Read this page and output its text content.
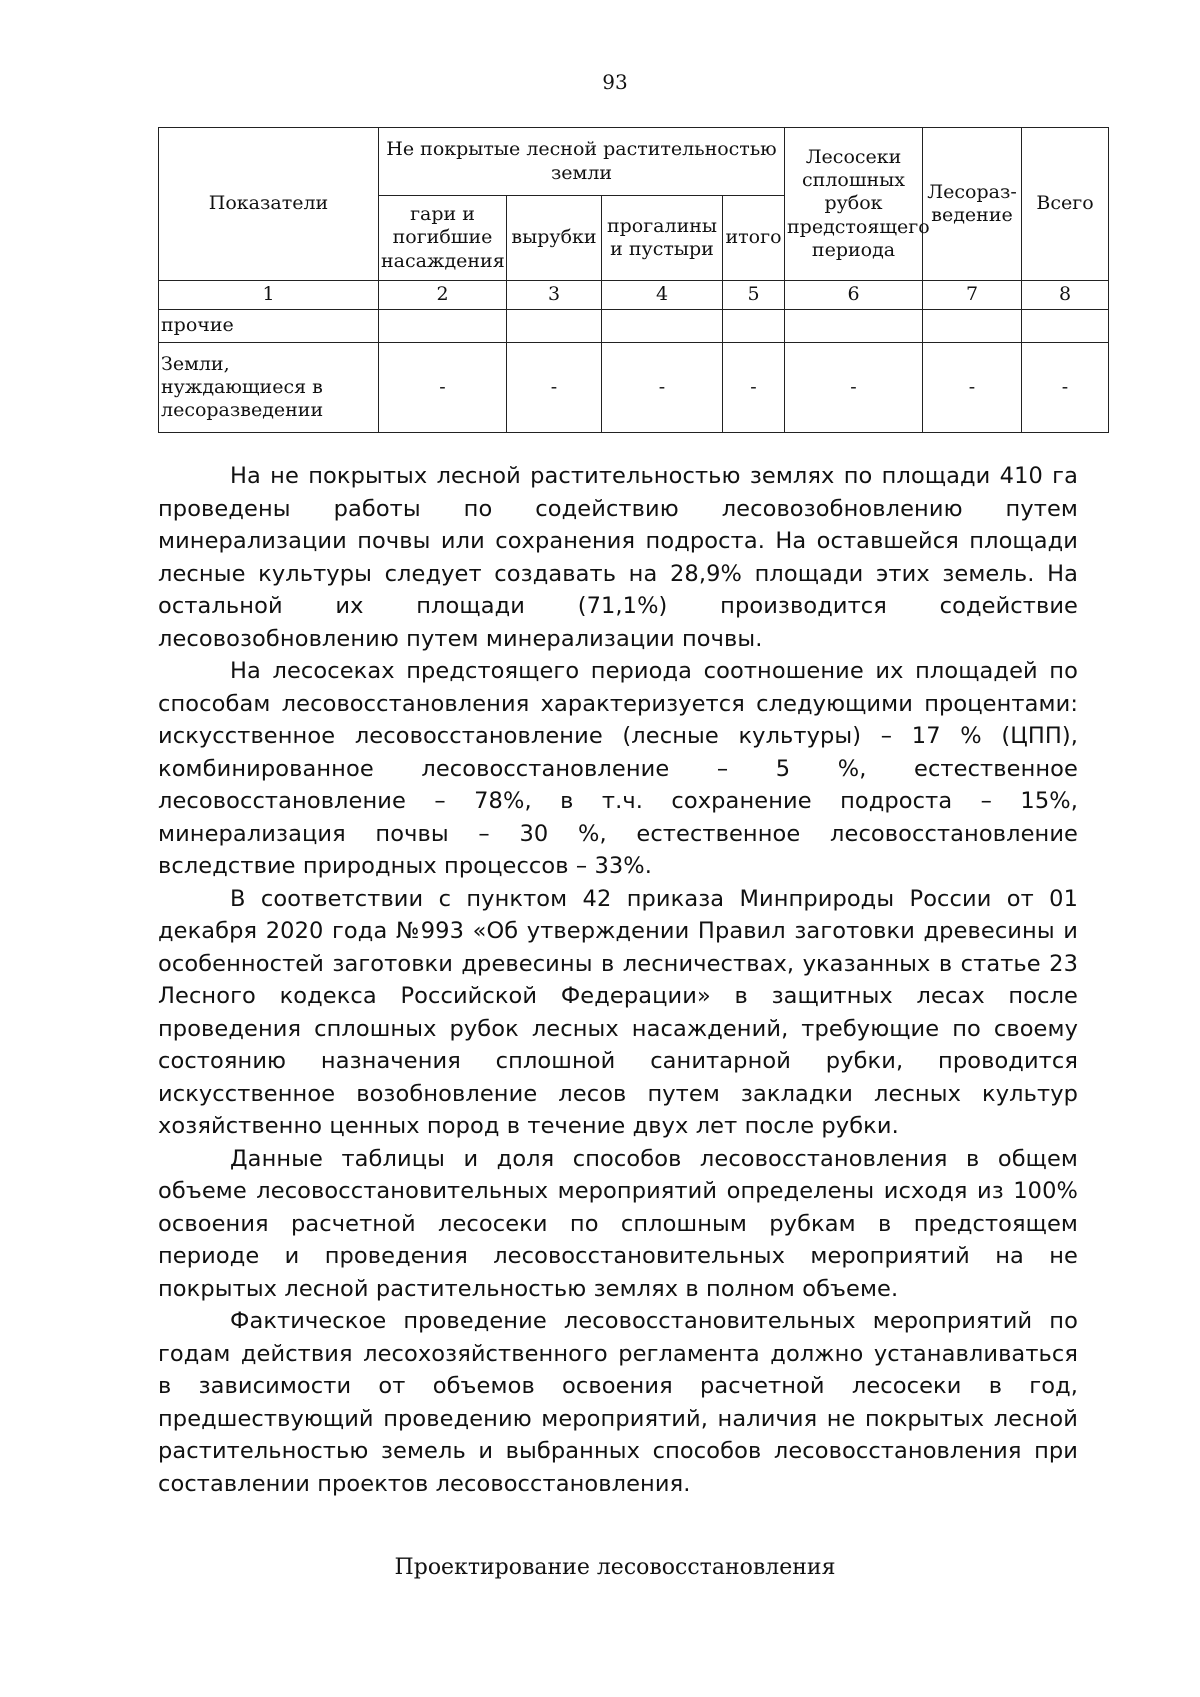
93
Показатели	Не покрытые лесной растительностью земли				Лесосеки сплошных рубок предстоящего периода	Лесораз-ведение	Всего
	гари и погибшие насаждения	вырубки	прогалины и пустыри	итого			
1	2	3	4	5	6	7	8
прочие							
Земли, нуждающиеся в лесоразведении	-	-	-	-	-	-	-

На не покрытых лесной растительностью землях по площади 410 га проведены работы по содействию лесовозобновлению путем минерализации почвы или сохранения подроста. На оставшейся площади лесные культуры следует создавать на 28,9% площади этих земель. На остальной их площади (71,1%) производится содействие лесовозобновлению путем минерализации почвы.

На лесосеках предстоящего периода соотношение их площадей по способам лесовосстановления характеризуется следующими процентами: искусственное лесовосстановление (лесные культуры) – 17 % (ЦПП), комбинированное лесовосстановление – 5 %, естественное лесовосстановление – 78%, в т.ч. сохранение подроста – 15%, минерализация почвы – 30 %, естественное лесовосстановление вследствие природных процессов – 33%.

В соответствии с пунктом 42 приказа Минприроды России от 01 декабря 2020 года №993 «Об утверждении Правил заготовки древесины и особенностей заготовки древесины в лесничествах, указанных в статье 23 Лесного кодекса Российской Федерации» в защитных лесах после проведения сплошных рубок лесных насаждений, требующие по своему состоянию назначения сплошной санитарной рубки, проводится искусственное возобновление лесов путем закладки лесных культур хозяйственно ценных пород в течение двух лет после рубки.

Данные таблицы и доля способов лесовосстановления в общем объеме лесовосстановительных мероприятий определены исходя из 100% освоения расчетной лесосеки по сплошным рубкам в предстоящем периоде и проведения лесовосстановительных мероприятий на не покрытых лесной растительностью землях в полном объеме.

Фактическое проведение лесовосстановительных мероприятий по годам действия лесохозяйственного регламента должно устанавливаться в зависимости от объемов освоения расчетной лесосеки в год, предшествующий проведению мероприятий, наличия не покрытых лесной растительностью земель и выбранных способов лесовосстановления при составлении проектов лесовосстановления.

Проектирование лесовосстановления
